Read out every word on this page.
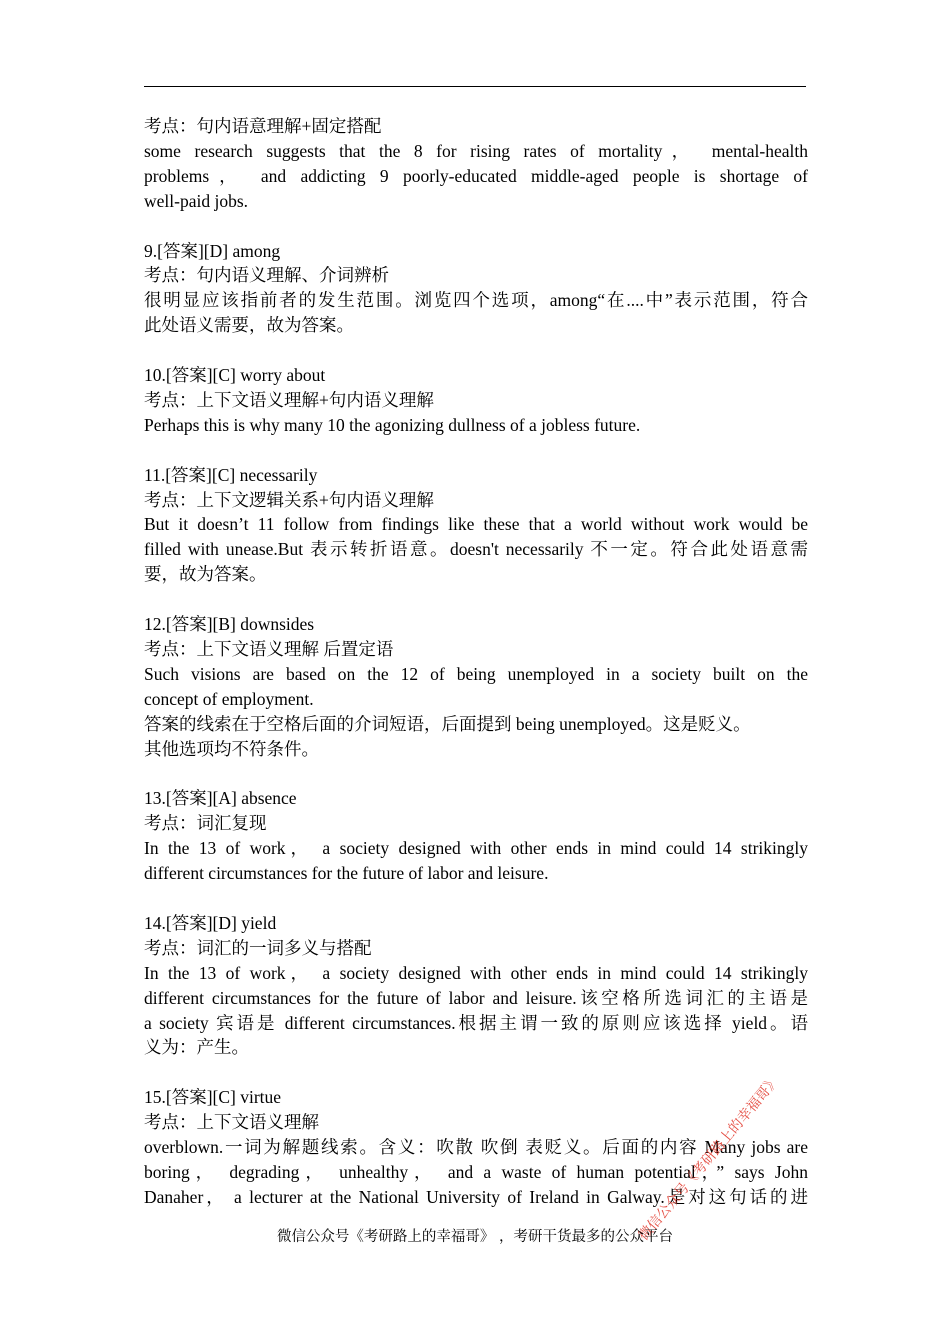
考点：句内语意理解+固定搭配
some research suggests that the 8 for rising rates of mortality， mental-health
problems， and addicting 9 poorly-educated middle-aged people is shortage of
well-paid jobs.
9.[答案][D] among
考点：句内语义理解、介词辨析
很明显应该指前者的发生范围。浏览四个选项，among“在....中”表示范围，符合
此处语义需要，故为答案。
10.[答案][C] worry about
考点：上下文语义理解+句内语义理解
Perhaps this is why many 10 the agonizing dullness of a jobless future.
11.[答案][C] necessarily
考点：上下文逻辑关系+句内语义理解
But it doesn’t 11 follow from findings like these that a world without work would be
filled with unease.But 表示转折语意。doesn't necessarily 不一定。符合此处语意需
要，故为答案。
12.[答案][B] downsides
考点：上下文语义理解 后置定语
Such visions are based on the 12 of being unemployed in a society built on the
concept of employment.
答案的线索在于空格后面的介词短语，后面提到 being unemployed。这是贬义。
其他选项均不符条件。
13.[答案][A] absence
考点：词汇复现
In the 13 of work， a society designed with other ends in mind could 14 strikingly
different circumstances for the future of labor and leisure.
14.[答案][D] yield
考点：词汇的一词多义与搭配
In the 13 of work， a society designed with other ends in mind could 14 strikingly
different circumstances for the future of labor and leisure.该空格所选词汇的主语是
a society 宾语是 different circumstances.根据主谓一致的原则应该选择 yield。语
义为：产生。
15.[答案][C] virtue
考点：上下文语义理解
overblown.一词为解题线索。含义：吹散 吹倒 表贬义。后面的内容 Many jobs are
boring， degrading， unhealthy， and a waste of human potential，” says John
Danaher， a lecturer at the National University of Ireland in Galway.是对这句话的进
微信公众号《考研路上的幸福哥》
微信公众号《考研路上的幸福哥》 ，考研干货最多的公众平台
